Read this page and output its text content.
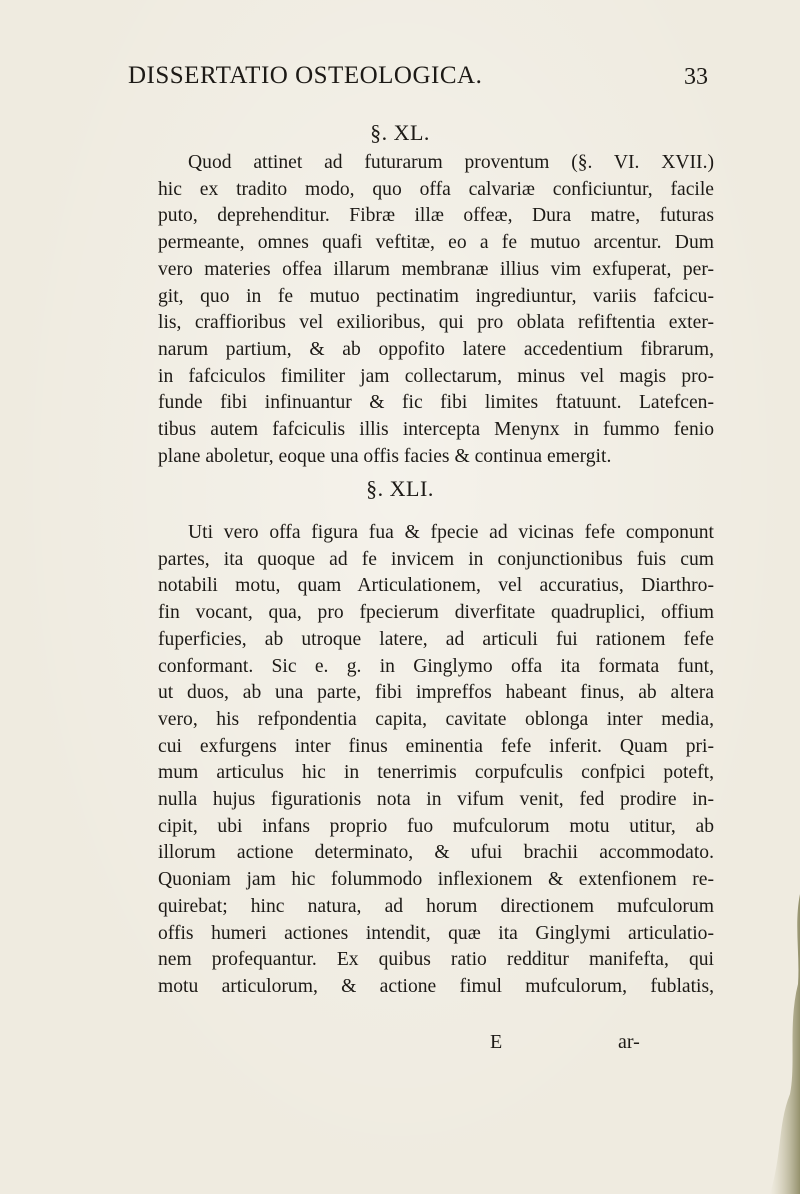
DISSERTATIO OSTEOLOGICA.	33
§. XL.
Quod attinet ad futurarum proventum (§. VI. XVII.)
hic ex tradito modo, quo offa calvariæ conficiuntur, facile
puto, deprehenditur. Fibræ illæ offeæ, Dura matre, futuras
permeante, omnes quafi veftitæ, eo a fe mutuo arcentur. Dum
vero materies offea illarum membranæ illius vim exfuperat, per-
git, quo in fe mutuo pectinatim ingrediuntur, variis fafcicu-
lis, craffioribus vel exilioribus, qui pro oblata refiftentia exter-
narum partium, & ab oppofito latere accedentium fibrarum,
in fafciculos fimiliter jam collectarum, minus vel magis pro-
funde fibi infinuantur & fic fibi limites ftatuunt. Latefcen-
tibus autem fafciculis illis intercepta Menynx in fummo fenio
plane aboletur, eoque una offis facies & continua emergit.
§. XLI.
Uti vero offa figura fua & fpecie ad vicinas fefe componunt
partes, ita quoque ad fe invicem in conjunctionibus fuis cum
notabili motu, quam Articulationem, vel accuratius, Diarthro-
fin vocant, qua, pro fpecierum diverfitate quadruplici, offium
fuperficies, ab utroque latere, ad articuli fui rationem fefe
conformant. Sic e. g. in Ginglymo offa ita formata funt,
ut duos, ab una parte, fibi impreffos habeant finus, ab altera
vero, his refpondentia capita, cavitate oblonga inter media,
cui exfurgens inter finus eminentia fefe inferit. Quam pri-
mum articulus hic in tenerrimis corpufculis confpici poteft,
nulla hujus figurationis nota in vifum venit, fed prodire in-
cipit, ubi infans proprio fuo mufculorum motu utitur, ab
illorum actione determinato, & ufui brachii accommodato.
Quoniam jam hic folummodo inflexionem & extenfionem re-
quirebat; hinc natura, ad horum directionem mufculorum
offis humeri actiones intendit, quæ ita Ginglymi articulatio-
nem profequantur. Ex quibus ratio redditur manifefta, qui
motu articulorum, & actione fimul mufculorum, fublatis,
E	ar-
